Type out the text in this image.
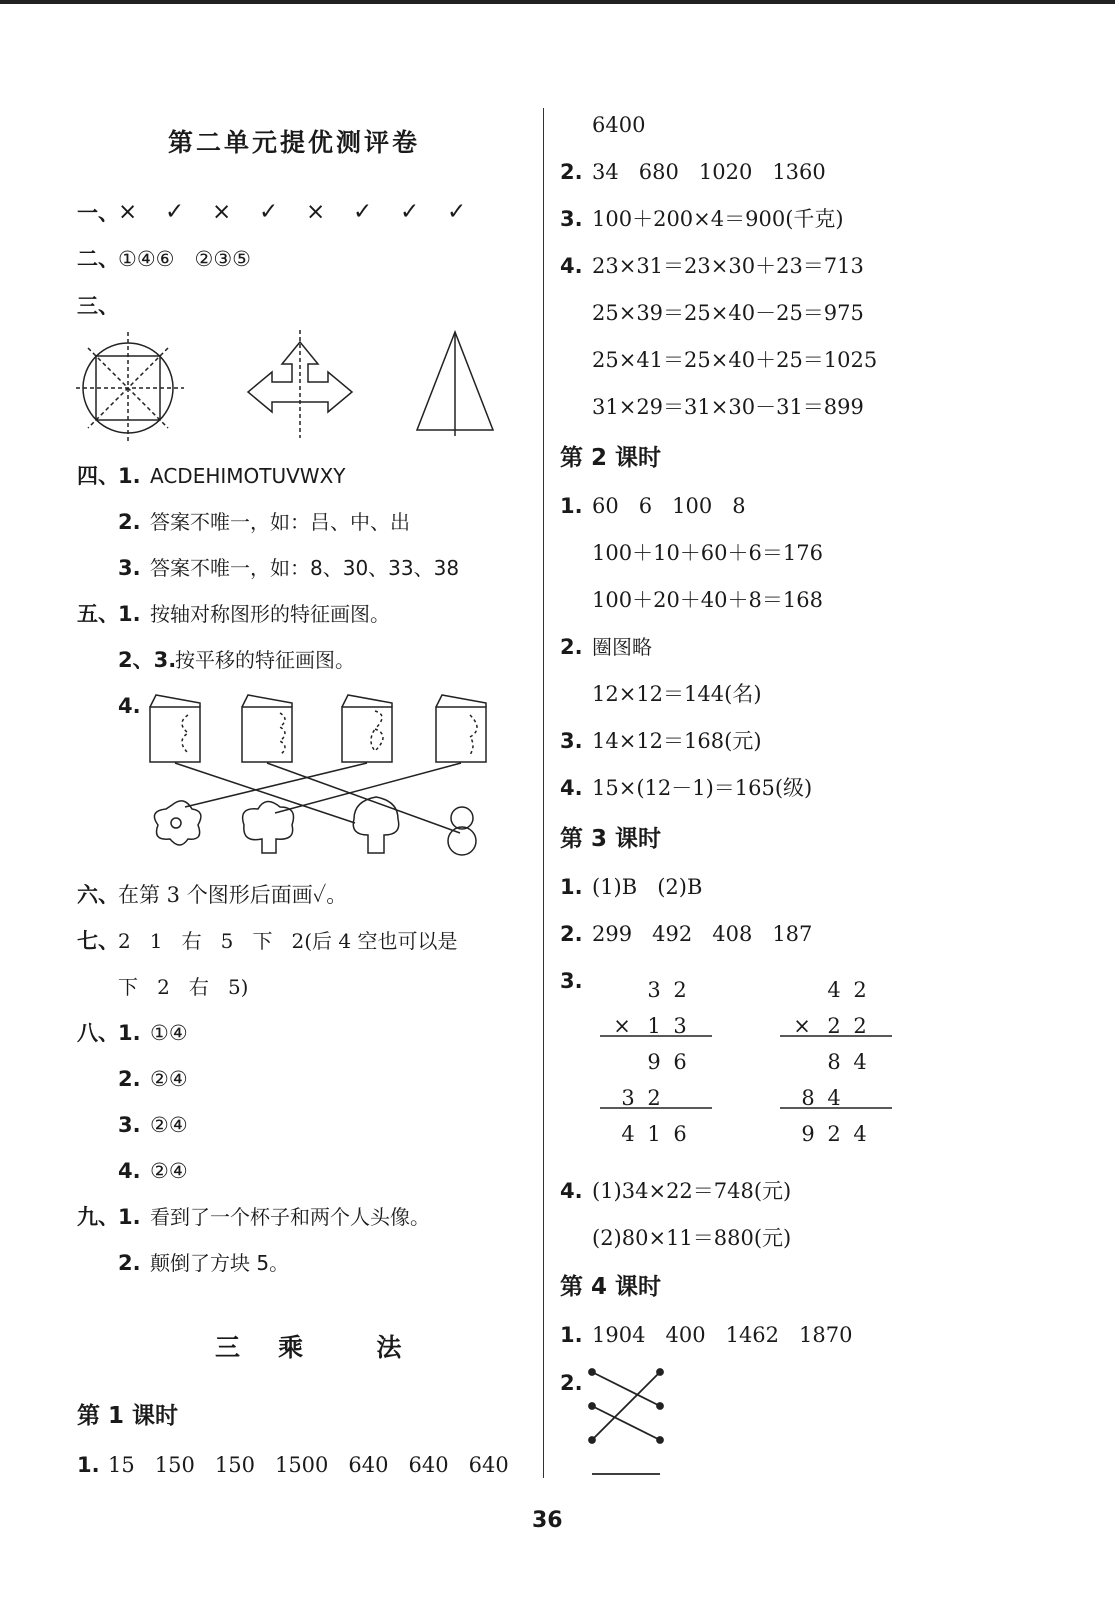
第二单元提优测评卷
一、 × ✓ × ✓ × ✓ ✓ ✓
二、 ①④⑥   ②③⑤
三、
四、 1. ACDEHIMOTUVWXY
2. 答案不唯一，如：吕、中、出
3. 答案不唯一，如：8、30、33、38
五、 1. 按轴对称图形的特征画图。
2、3.
按平移的特征画图。
4.
六、 在第 3 个图形后面画✓。
七、 2   1   右   5   下   2(后 4 空也可以是
下   2   右   5)
八、 1. ①④
2. ②④
3. ②④
4. ②④
九、 1. 看到了一个杯子和两个人头像。
2. 颠倒了方块 5。
三   乘      法
第 1 课时
1. 15   150   150   1500   640   640   640
6400
2. 34   680   1020   1360
3. 100＋200×4＝900(千克)
4. 23×31＝23×30＋23＝713
25×39＝25×40－25＝975
25×41＝25×40＋25＝1025
31×29＝31×30－31＝899
第 2 课时
1. 60   6   100   8
100＋10＋60＋6＝176
100＋20＋40＋8＝168
2. 圈图略
12×12＝144(名)
3. 14×12＝168(元)
4. 15×(12－1)＝165(级)
第 3 课时
1. (1)B   (2)B
2. 299   492   408   187
3.	3 2
× 1 3
9 6
3 2
4 1 6
4 2
× 2 2
8 4
8 4
9 2 4
4. (1)34×22＝748(元)
(2)80×11＝880(元)
第 4 课时
1. 1904   400   1462   1870
2.
36
